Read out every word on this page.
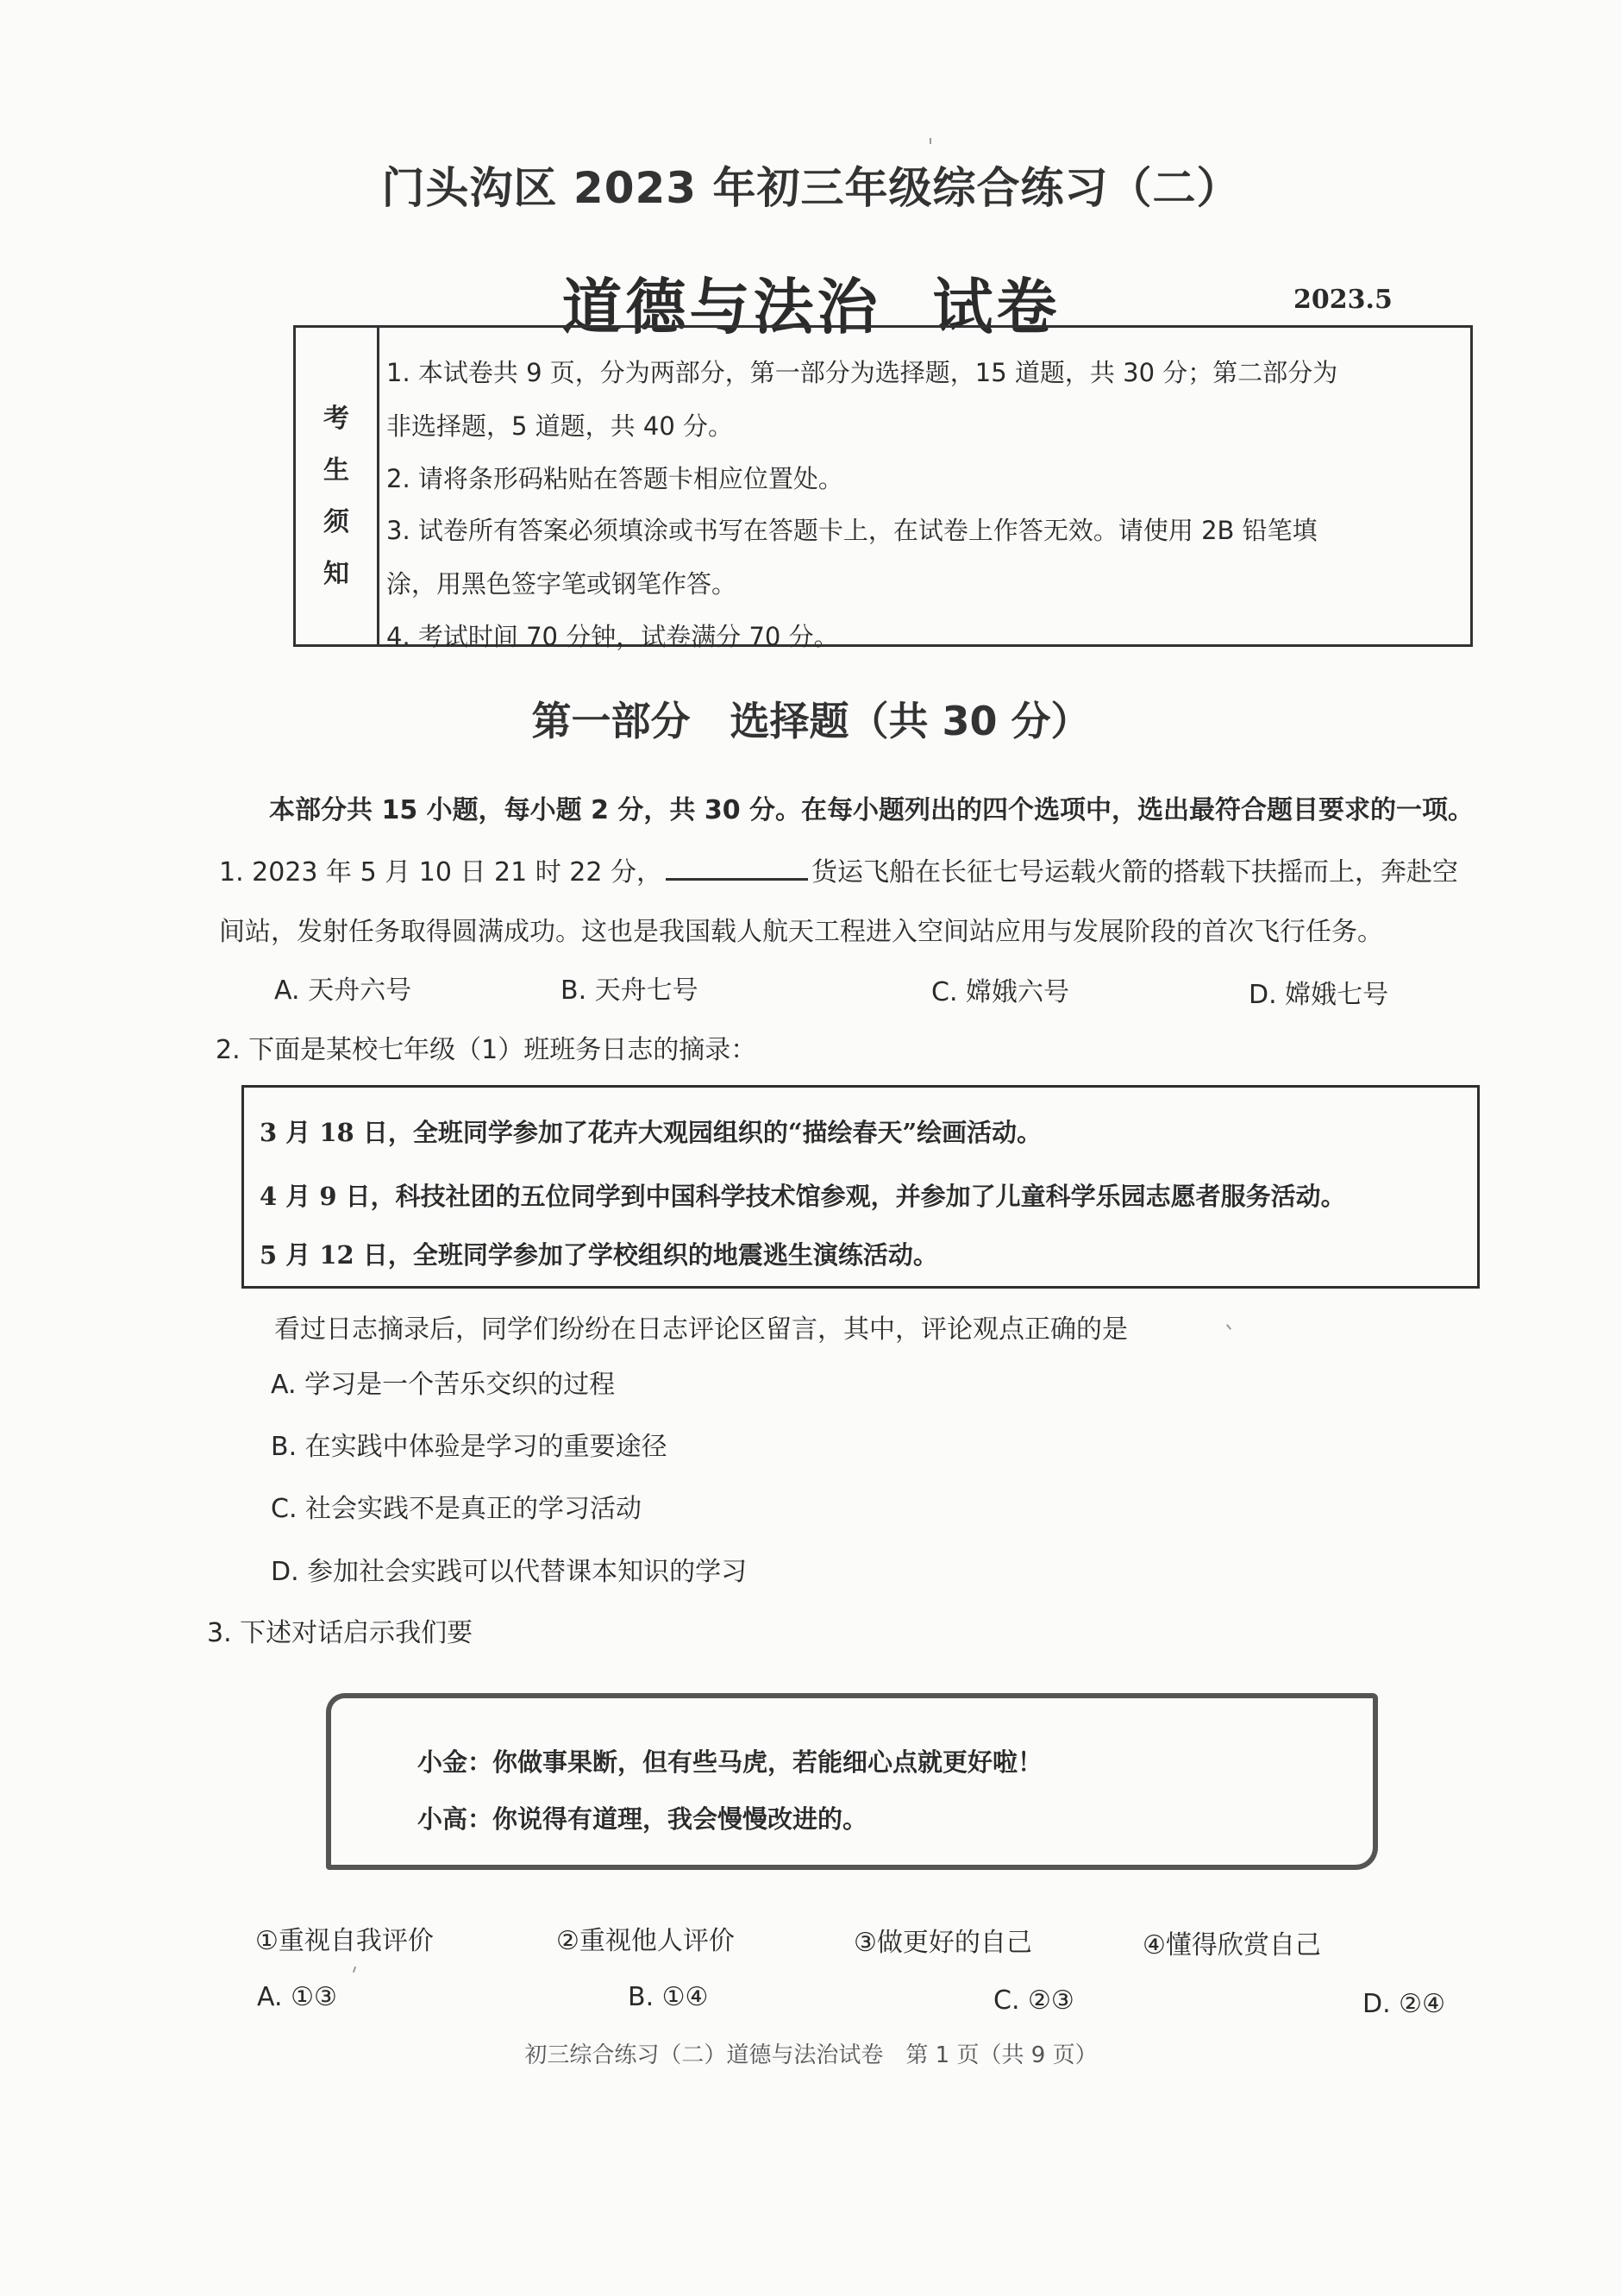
门头沟区 2023 年初三年级综合练习（二）
道德与法治 试卷	2023.5
考
生
须
知
1. 本试卷共 9 页，分为两部分，第一部分为选择题，15 道题，共 30 分；第二部分为
非选择题，5 道题，共 40 分。
2. 请将条形码粘贴在答题卡相应位置处。
3. 试卷所有答案必须填涂或书写在答题卡上，在试卷上作答无效。请使用 2B 铅笔填
涂，用黑色签字笔或钢笔作答。
4. 考试时间 70 分钟，试卷满分 70 分。
第一部分　选择题（共 30 分）
本部分共 15 小题，每小题 2 分，共 30 分。在每小题列出的四个选项中，选出最符合题目要求的一项。
1. 2023 年 5 月 10 日 21 时 22 分，	货运飞船在长征七号运载火箭的搭载下扶摇而上，奔赴空
间站，发射任务取得圆满成功。这也是我国载人航天工程进入空间站应用与发展阶段的首次飞行任务。
A. 天舟六号	B. 天舟七号	C. 嫦娥六号	D. 嫦娥七号
2. 下面是某校七年级（1）班班务日志的摘录：
3 月 18 日，全班同学参加了花卉大观园组织的“描绘春天”绘画活动。
4 月 9 日，科技社团的五位同学到中国科学技术馆参观，并参加了儿童科学乐园志愿者服务活动。
5 月 12 日，全班同学参加了学校组织的地震逃生演练活动。
看过日志摘录后，同学们纷纷在日志评论区留言，其中，评论观点正确的是
A. 学习是一个苦乐交织的过程
B. 在实践中体验是学习的重要途径
C. 社会实践不是真正的学习活动
D. 参加社会实践可以代替课本知识的学习
3. 下述对话启示我们要
小金：你做事果断，但有些马虎，若能细心点就更好啦！
小高：你说得有道理，我会慢慢改进的。
①重视自我评价	②重视他人评价	③做更好的自己	④懂得欣赏自己
A. ①③	B. ①④	C. ②③	D. ②④
初三综合练习（二）道德与法治试卷　第 1 页（共 9 页）
